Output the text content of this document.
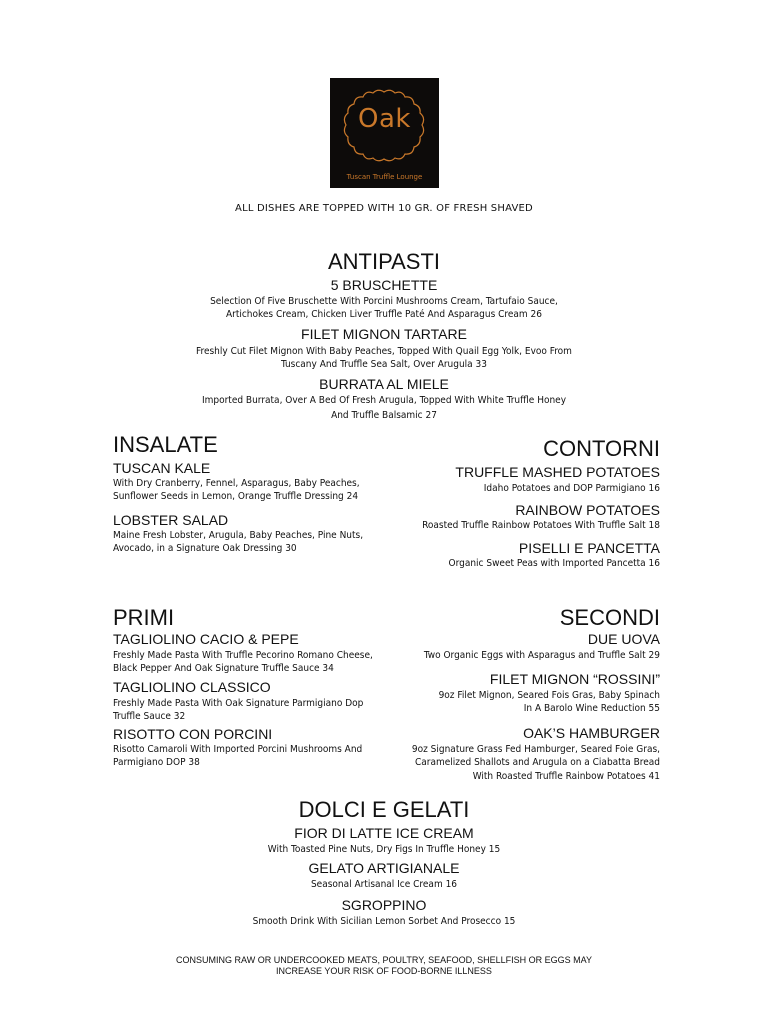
Oak
Tuscan Truffle Lounge
ALL DISHES ARE TOPPED WITH 10 GR. OF FRESH SHAVED
ANTIPASTI
5 BRUSCHETTE
Selection Of Five Bruschette With Porcini Mushrooms Cream, Tartufaio Sauce,
Artichokes Cream, Chicken Liver Truffle Paté And Asparagus Cream 26
FILET MIGNON TARTARE
Freshly Cut Filet Mignon With Baby Peaches, Topped With Quail Egg Yolk, Evoo From
Tuscany And Truffle Sea Salt, Over Arugula 33
BURRATA AL MIELE
Imported Burrata, Over A Bed Of Fresh Arugula, Topped With White Truffle Honey
And Truffle Balsamic 27
INSALATE
TUSCAN KALE
With Dry Cranberry, Fennel, Asparagus, Baby Peaches,
Sunflower Seeds in Lemon, Orange Truffle Dressing 24
LOBSTER SALAD
Maine Fresh Lobster, Arugula, Baby Peaches, Pine Nuts,
Avocado, in a Signature Oak Dressing 30
CONTORNI
TRUFFLE MASHED POTATOES
Idaho Potatoes and DOP Parmigiano 16
RAINBOW POTATOES
Roasted Truffle Rainbow Potatoes With Truffle Salt 18
PISELLI E PANCETTA
Organic Sweet Peas with Imported Pancetta 16
PRIMI
TAGLIOLINO CACIO & PEPE
Freshly Made Pasta With Truffle Pecorino Romano Cheese,
Black Pepper And Oak Signature Truffle Sauce 34
TAGLIOLINO CLASSICO
Freshly Made Pasta With Oak Signature Parmigiano Dop
Truffle Sauce 32
RISOTTO CON PORCINI
Risotto Camaroli With Imported Porcini Mushrooms And
Parmigiano DOP 38
SECONDI
DUE UOVA
Two Organic Eggs with Asparagus and Truffle Salt 29
FILET MIGNON “ROSSINI”
9oz Filet Mignon, Seared Fois Gras, Baby Spinach
In A Barolo Wine Reduction 55
OAK’S HAMBURGER
9oz Signature Grass Fed Hamburger, Seared Foie Gras,
Caramelized Shallots and Arugula on a Ciabatta Bread
With Roasted Truffle Rainbow Potatoes 41
DOLCI E GELATI
FIOR DI LATTE ICE CREAM
With Toasted Pine Nuts, Dry Figs In Truffle Honey 15
GELATO ARTIGIANALE
Seasonal Artisanal Ice Cream 16
SGROPPINO
Smooth Drink With Sicilian Lemon Sorbet And Prosecco 15
CONSUMING RAW OR UNDERCOOKED MEATS, POULTRY, SEAFOOD, SHELLFISH OR EGGS MAY
INCREASE YOUR RISK OF FOOD-BORNE ILLNESS
